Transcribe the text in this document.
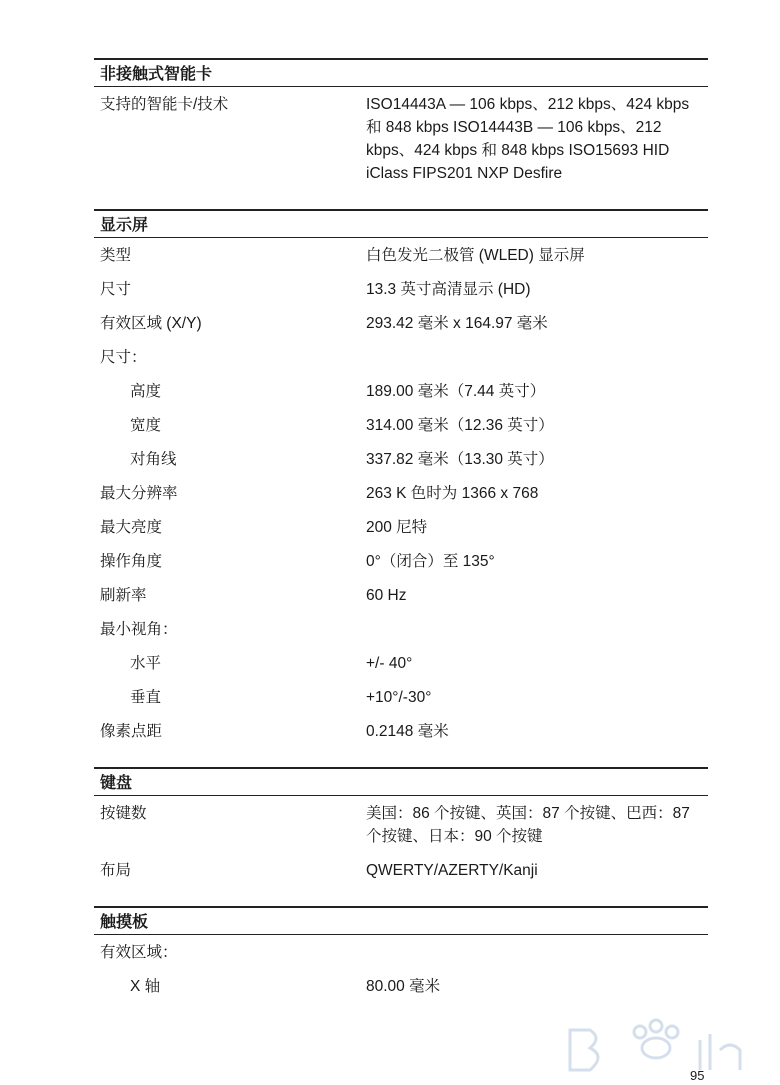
非接触式智能卡
支持的智能卡/技术	ISO14443A — 106 kbps、212 kbps、424 kbps 和 848 kbps ISO14443B — 106 kbps、212 kbps、424 kbps 和 848 kbps ISO15693 HID iClass FIPS201 NXP Desfire
显示屏
类型	白色发光二极管 (WLED) 显示屏
尺寸	13.3 英寸高清显示 (HD)
有效区域 (X/Y)	293.42 毫米 x 164.97 毫米
尺寸：
高度	189.00 毫米（7.44 英寸）
宽度	314.00 毫米（12.36 英寸）
对角线	337.82 毫米（13.30 英寸）
最大分辨率	263 K 色时为 1366 x 768
最大亮度	200 尼特
操作角度	0°（闭合）至 135°
刷新率	60 Hz
最小视角：
水平	+/- 40°
垂直	+10°/-30°
像素点距	0.2148 毫米
键盘
按键数	美国：86 个按键、英国：87 个按键、巴西：87 个按键、日本：90 个按键
布局	QWERTY/AZERTY/Kanji
触摸板
有效区域：
X 轴	80.00 毫米
95
